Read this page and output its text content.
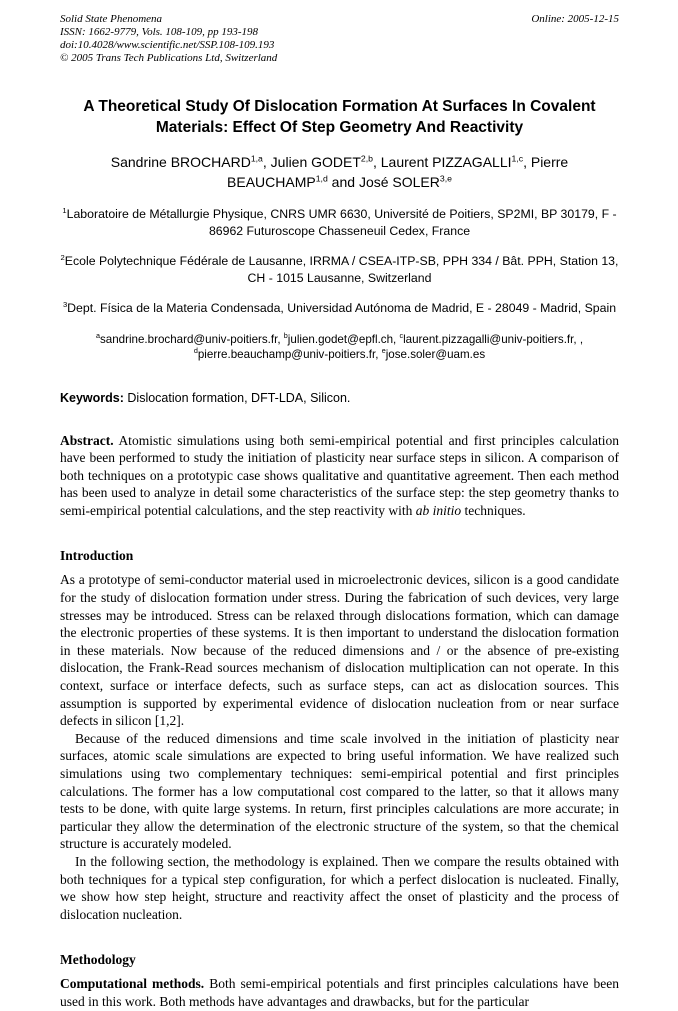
Solid State Phenomena
ISSN: 1662-9779, Vols. 108-109, pp 193-198
doi:10.4028/www.scientific.net/SSP.108-109.193
© 2005 Trans Tech Publications Ltd, Switzerland
Online: 2005-12-15
A Theoretical Study Of Dislocation Formation At Surfaces In Covalent Materials: Effect Of Step Geometry And Reactivity
Sandrine BROCHARD$^{1,a}$, Julien GODET$^{2,b}$, Laurent PIZZAGALLI$^{1,c}$, Pierre BEAUCHAMP$^{1,d}$ and José SOLER$^{3,e}$
$^1$Laboratoire de Métallurgie Physique, CNRS UMR 6630, Université de Poitiers, SP2MI, BP 30179, F - 86962 Futuroscope Chasseneuil Cedex, France
$^2$Ecole Polytechnique Fédérale de Lausanne, IRRMA / CSEA-ITP-SB, PPH 334 / Bât. PPH, Station 13, CH - 1015 Lausanne, Switzerland
$^3$Dept. Física de la Materia Condensada, Universidad Autónoma de Madrid, E - 28049 - Madrid, Spain
$^a$sandrine.brochard@univ-poitiers.fr, $^b$julien.godet@epfl.ch, $^c$laurent.pizzagalli@univ-poitiers.fr, , $^d$pierre.beauchamp@univ-poitiers.fr, $^e$jose.soler@uam.es
Keywords: Dislocation formation, DFT-LDA, Silicon.

Abstract. Atomistic simulations using both semi-empirical potential and first principles calculation have been performed to study the initiation of plasticity near surface steps in silicon. A comparison of both techniques on a prototypic case shows qualitative and quantitative agreement. Then each method has been used to analyze in detail some characteristics of the surface step: the step geometry thanks to semi-empirical potential calculations, and the step reactivity with ab initio techniques.

Introduction

As a prototype of semi-conductor material used in microelectronic devices, silicon is a good candidate for the study of dislocation formation under stress. During the fabrication of such devices, very large stresses may be introduced. Stress can be relaxed through dislocations formation, which can damage the electronic properties of these systems. It is then important to understand the dislocation formation in these materials. Now because of the reduced dimensions and / or the absence of pre-existing dislocation, the Frank-Read sources mechanism of dislocation multiplication can not operate. In this context, surface or interface defects, such as surface steps, can act as dislocation sources. This assumption is supported by experimental evidence of dislocation nucleation from or near surface defects in silicon [1,2].

Because of the reduced dimensions and time scale involved in the initiation of plasticity near surfaces, atomic scale simulations are expected to bring useful information. We have realized such simulations using two complementary techniques: semi-empirical potential and first principles calculations. The former has a low computational cost compared to the latter, so that it allows many tests to be done, with quite large systems. In return, first principles calculations are more accurate; in particular they allow the determination of the electronic structure of the system, so that the chemical structure is accurately modeled.

In the following section, the methodology is explained. Then we compare the results obtained with both techniques for a typical step configuration, for which a perfect dislocation is nucleated. Finally, we show how step height, structure and reactivity affect the onset of plasticity and the process of dislocation nucleation.

Methodology

Computational methods. Both semi-empirical potentials and first principles calculations have been used in this work. Both methods have advantages and drawbacks, but for the particular
